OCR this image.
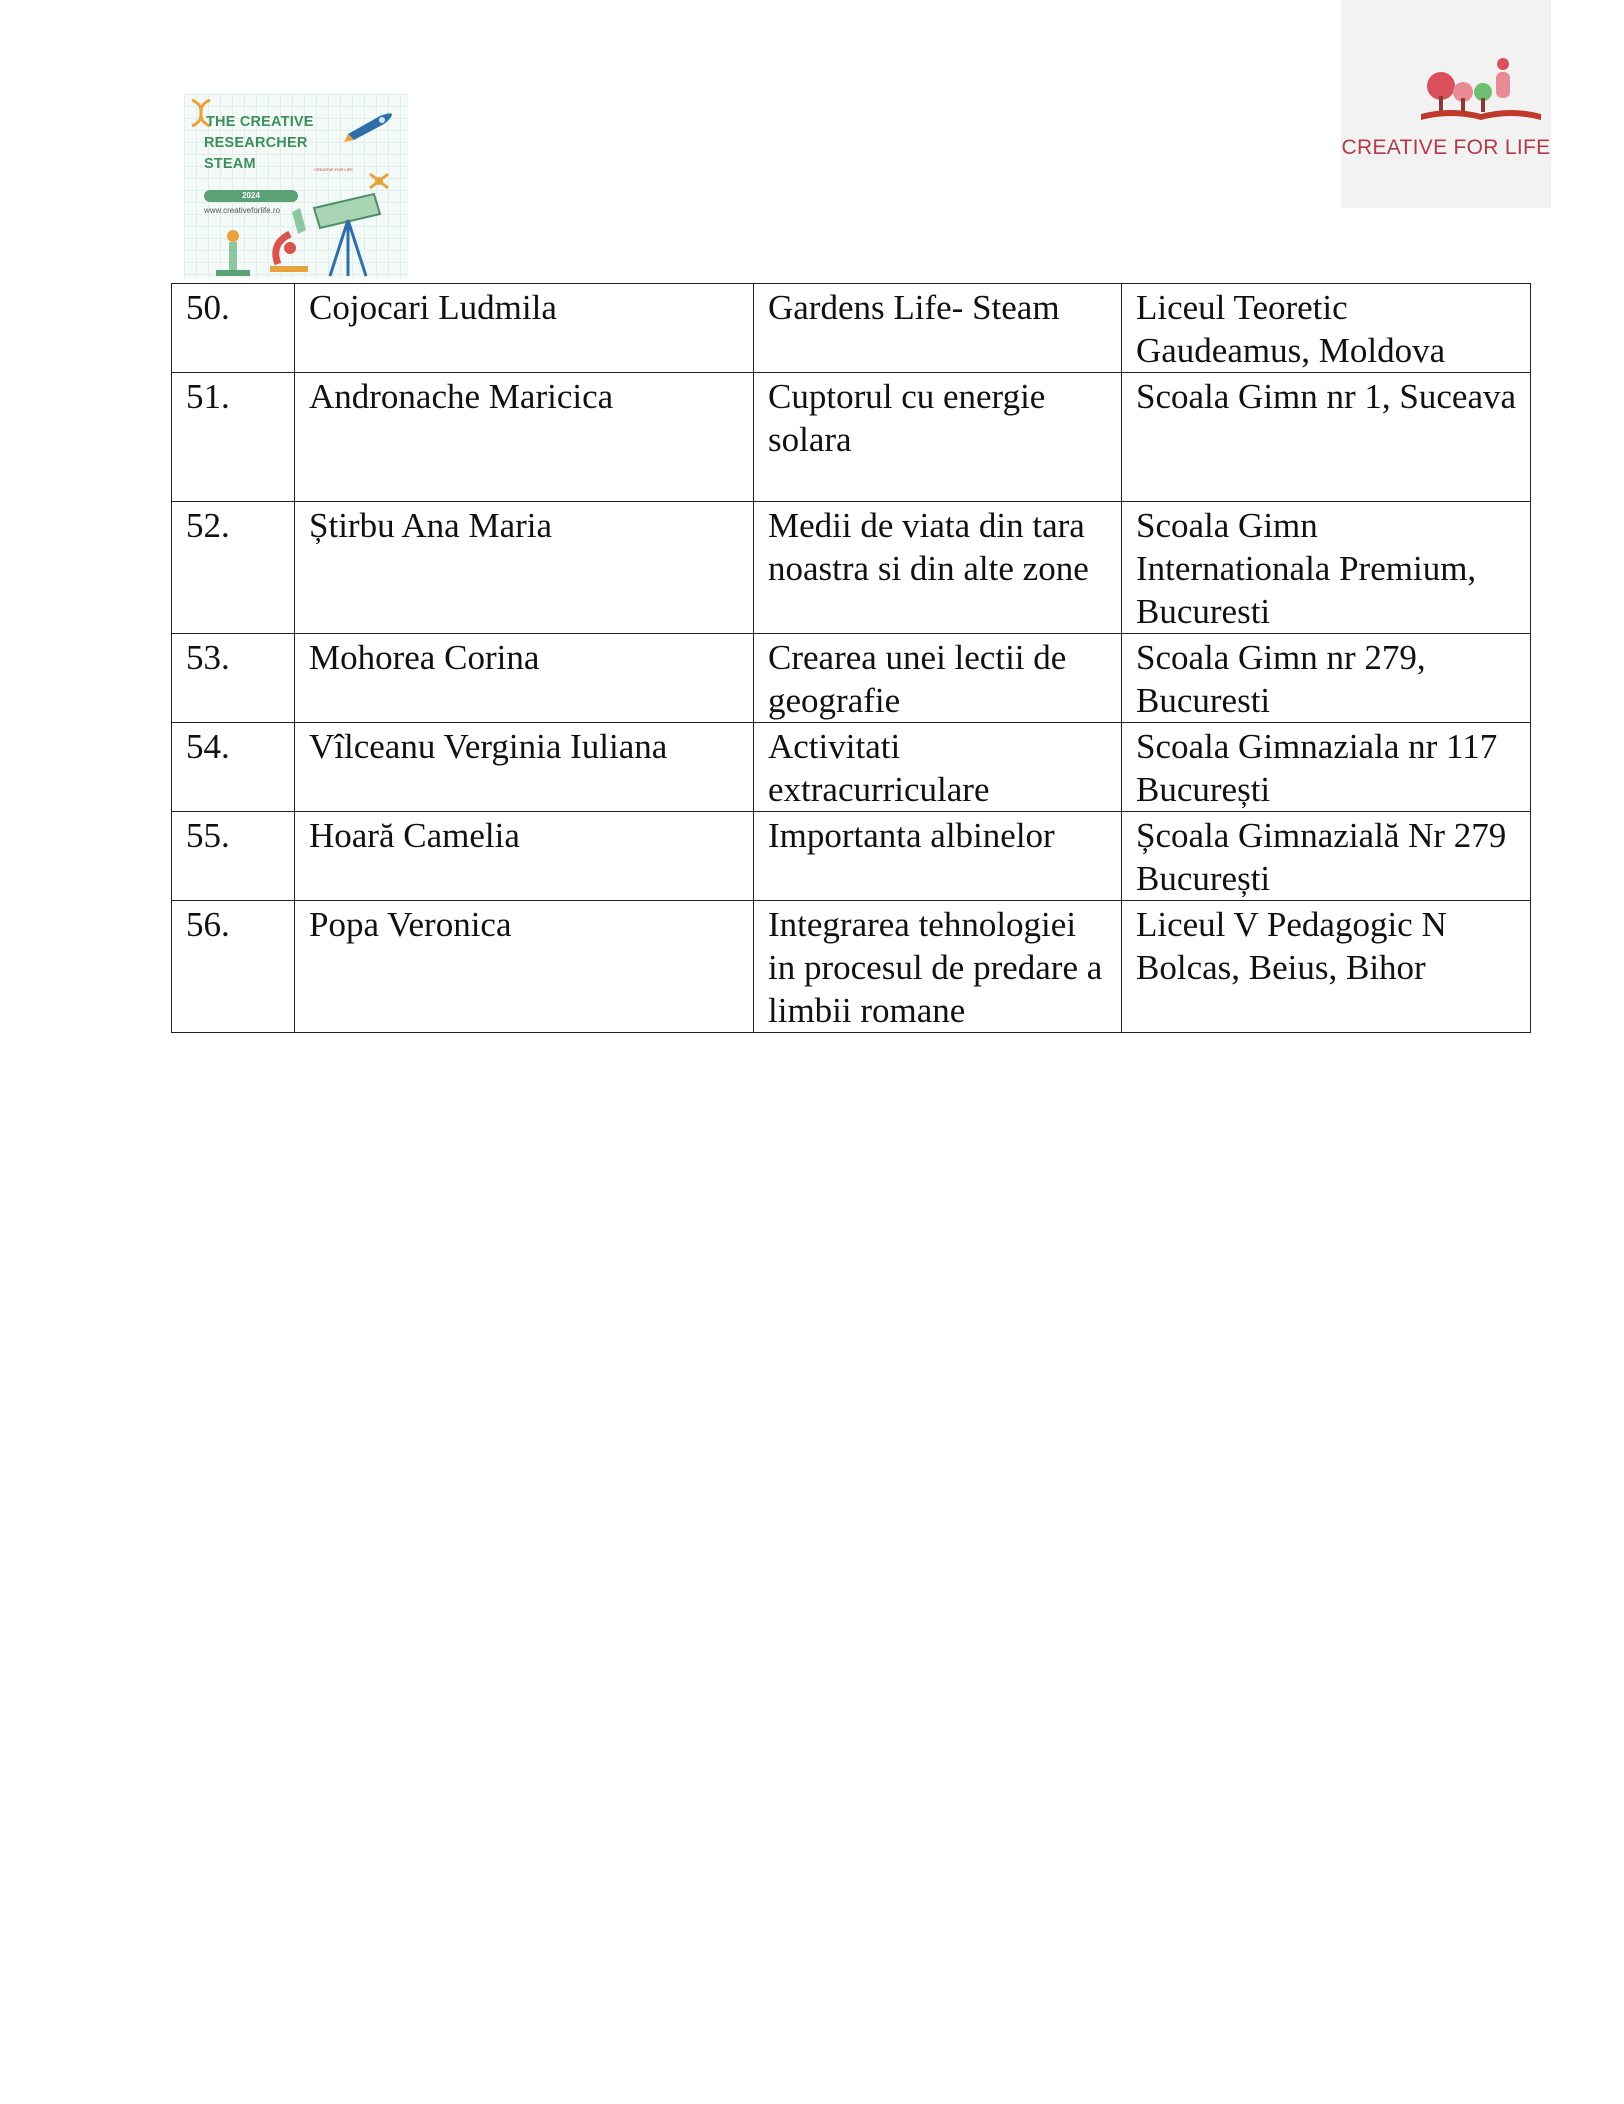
THE CREATIVE
RESEARCHER
STEAM	CREATIVE FOR LIFE
2024
www.creativeforlife.ro
CREATIVE FOR LIFE
50.	Cojocari Ludmila	Gardens Life- Steam	Liceul Teoretic Gaudeamus, Moldova
51.	Andronache Maricica	Cuptorul cu energie solara	Scoala Gimn nr 1, Suceava
52.	Știrbu Ana Maria	Medii de viata din tara noastra si din alte zone	Scoala Gimn Internationala Premium, Bucuresti
53.	Mohorea Corina	Crearea unei lectii de geografie	Scoala Gimn nr 279, Bucuresti
54.	Vîlceanu Verginia Iuliana	Activitati extracurriculare	Scoala Gimnaziala nr 117 București
55.	Hoară Camelia	Importanta albinelor	Școala Gimnazială Nr 279 București
56.	Popa Veronica	Integrarea tehnologiei in procesul de predare a limbii romane	Liceul V Pedagogic N Bolcas, Beius, Bihor
